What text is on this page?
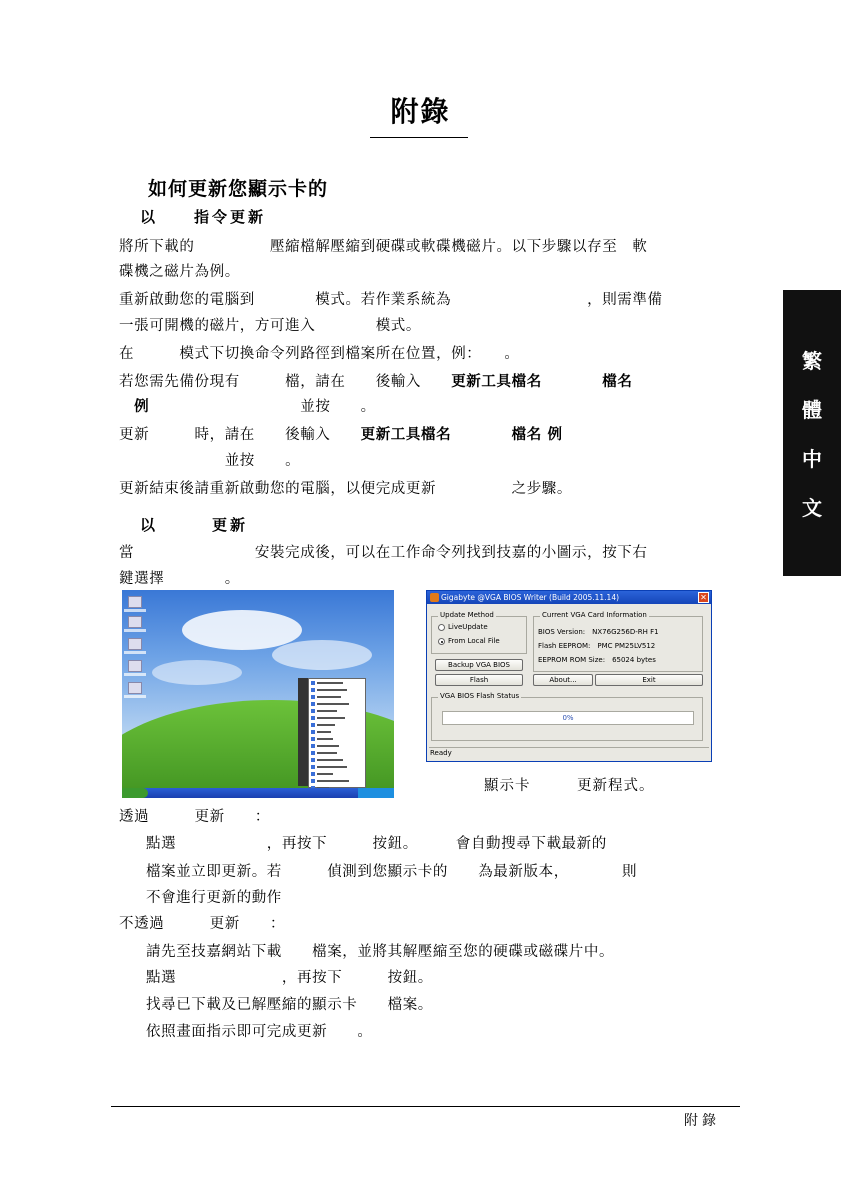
附錄
如何更新您顯示卡的
以　　指令更新
將所下載的　　　　　壓縮檔解壓縮到硬碟或軟碟機磁片。以下步驟以存至　軟
碟機之磁片為例。
重新啟動您的電腦到　　　　模式。若作業系統為　　　　　　　　　，則需準備
一張可開機的磁片，方可進入　　　　模式。
在　　　模式下切換命令列路徑到檔案所在位置，例：　　。
若您需先備份現有　　　檔，請在　　後輸入　　更新工具檔名　　　　	檔名
　例　　　　　　　　　　並按　　。
更新　　　時，請在　　後輸入　　更新工具檔名　　　　	檔名 例
　　　　　　　並按　　。
更新結束後請重新啟動您的電腦，以便完成更新　　　　　之步驟。
以　　　更新
當　　　　　　　　安裝完成後，可以在工作命令列找到技嘉的小圖示，按下右
鍵選擇　　　　。
繁
體
中
文
Gigabyte @VGA BIOS Writer (Build 2005.11.14)	✕
Update Method
LiveUpdate
From Local File
Current VGA Card Information
BIOS Version:　NX76G256D-RH F1
Flash EEPROM:　PMC PM25LV512
EEPROM ROM Size:　65024 bytes
Backup VGA BIOS
Flash	About...	Exit
VGA BIOS Flash Status
0%
Ready
顯示卡　　　更新程式。
透過　　　更新　　：
點選　　　　　　，再按下　　　按鈕。　　　會自動搜尋下載最新的
檔案並立即更新。若　　　偵測到您顯示卡的　　為最新版本，　　　　則
不會進行更新的動作
不透過　　　更新　　：
請先至技嘉網站下載　　檔案，並將其解壓縮至您的硬碟或磁碟片中。
點選　　　　　　　，再按下　　　按鈕。
找尋已下載及已解壓縮的顯示卡　　檔案。
依照畫面指示即可完成更新　　。
附錄
